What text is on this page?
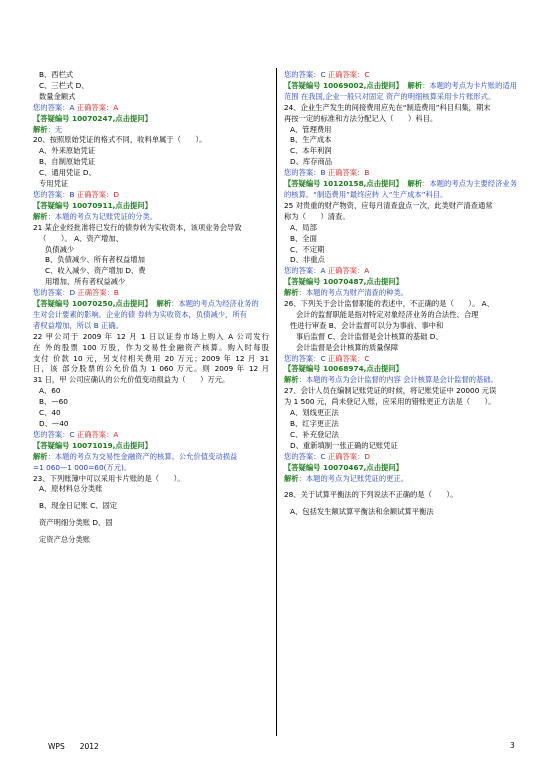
B、西栏式
C、三栏式 D、
数量金额式
您的答案：A 正确答案：A
【答疑编号 10070247,点击提问】
解析：无
20、按照原始凭证的格式不同，收料单属于（　　）。
A、外来原始凭证
B、自制原始凭证
C、通用凭证 D、
专用凭证
您的答案：B 正确答案：D
【答疑编号 10070911,点击提问】
解析：本题的考点为记账凭证的分类。
21 某企业经批准将已发行的债券转为实收资本，该项业务会导致
（　　）。 A、资产增加、
负债减少
B、负债减少、所有者权益增加
C、收入减少、资产增加 D、费
用增加、所有者权益减少
您的答案：D 正确答案：B
【答疑编号 10070250,点击提问】 解析：本题的考点为经济业务的
生对会计要素的影响。企业的债 券转为实收资本，负债减少，所有
者权益增加，所以 B 正确。
22 甲公司于 2009 年 12 月 1 日以证券市场上购入 A 公司发行
在 外的股票 100 万股，作为交易性金融资产核算。购入时每股
支付 价款 10 元，另支付相关费用 20 万元；2009 年 12 月 31
日，该 部分股票的公允价值为 1 060 万元。则 2009 年 12 月
31 日，甲 公司应确认的公允价值变动损益为（　　）万元。
A、60
B、—60
C、40
D、—40
您的答案：C 正确答案：A
【答疑编号 10071019,点击提问】
解析：本题的考点为交易性金融资产的核算。公允价值变动损益
=1 060—1 000=60(万元)。
23、下列账簿中可以采用卡片账的是（　　）。
A、原材料总分类账
B、现金日记账 C、固定
资产明细分类账 D、固
定资产总分类账
您的答案：C 正确答案：C
【答疑编号 10069002,点击提问】 解析：本题的考点为卡片账的适用
范围 在我国,企业一般只对固定 资产的明细核算采用卡片账形式。
24、企业生产发生的间接费用应先在“制造费用”科目归集，期末
再按一定的标准和方法分配记入（　　）科目。
A、管理费用
B、生产成本
C、本年利润
D、库存商品
您的答案：B 正确答案：B
【答疑编号 10120158,点击提问】 解析：本题的考点为主要经济业务
的核算。“制造费用”最终应转 入“生产成本”科目。
25 对贵重的财产物资，应每月清查盘点一次，此类财产清查通常
称为（　　）清查。
A、局部
B、全面
C、不定期
D、非重点
您的答案：A 正确答案：A
【答疑编号 10070487,点击提问】
解析：本题的考点为财产清查的种类。
26、下列关于会计监督职能的表述中，不正确的是（　　）。 A、
会计的监督职能是指对特定对象经济业务的合法性、合理
性进行审查 B、会计监督可以分为事前、事中和
事后监督 C、会计监督是会计核算的基础 D、
会计监督是会计核算的质量保障
您的答案：C 正确答案：C
【答疑编号 10068974,点击提问】
解析：本题的考点为会计监督的内容 会计核算是会计监督的基础。
27、会计人员在编制记账凭证的时候，将记账凭证中 20000 元误
为 1 500 元，尚未登记入账，应采用的错账更正方法是（　　）。
A、划线更正法
B、红字更正法
C、补充登记法
D、重新填制一张正确的记账凭证
您的答案：C 正确答案：D
【答疑编号 10070467,点击提问】
解析：本题的考点为记账凭证的更正。
28、关于试算平衡法的下列说法不正确的是（　　）。
A、包括发生额试算平衡法和余额试算平衡法
WPS　　2012	3
